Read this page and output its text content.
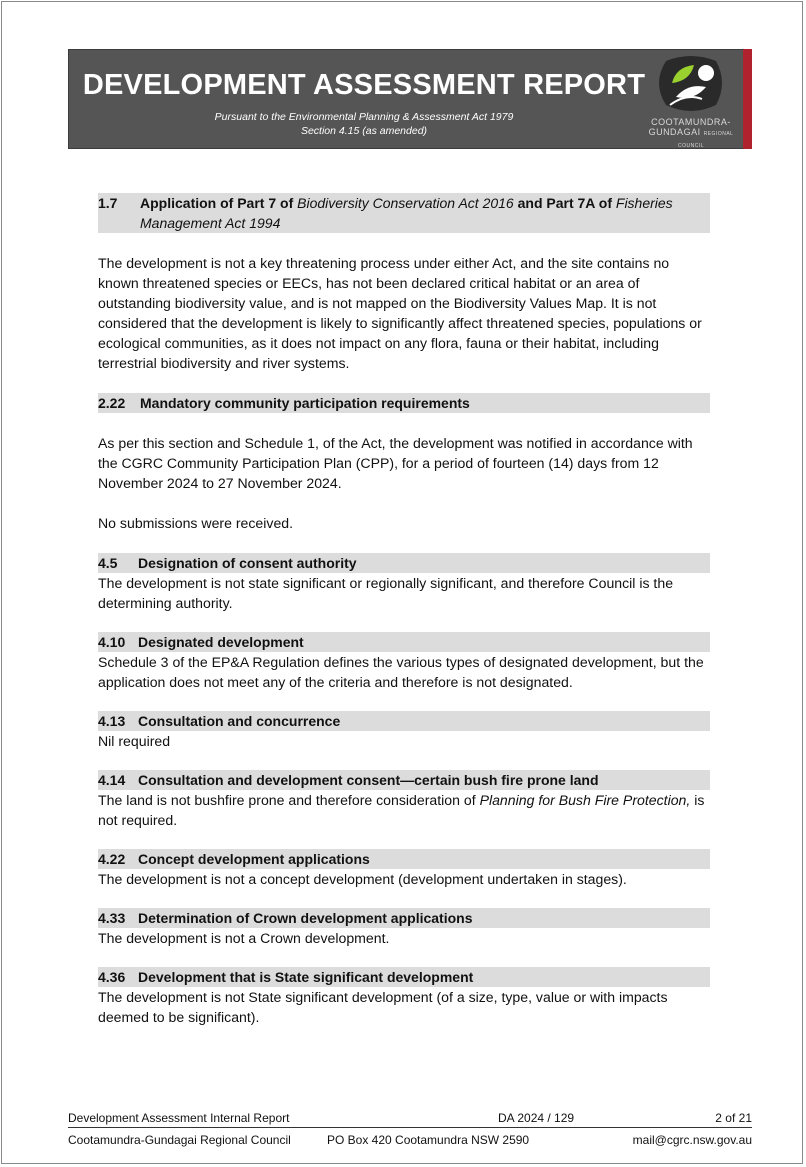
DEVELOPMENT ASSESSMENT REPORT
Pursuant to the Environmental Planning & Assessment Act 1979
Section 4.15 (as amended)
COOTAMUNDRA-
GUNDAGAI REGIONAL COUNCIL
1.7	Application of Part 7 of Biodiversity Conservation Act 2016 and Part 7A of Fisheries Management Act 1994

The development is not a key threatening process under either Act, and the site contains no known threatened species or EECs, has not been declared critical habitat or an area of outstanding biodiversity value, and is not mapped on the Biodiversity Values Map. It is not considered that the development is likely to significantly affect threatened species, populations or ecological communities, as it does not impact on any flora, fauna or their habitat, including terrestrial biodiversity and river systems.

2.22	Mandatory community participation requirements

As per this section and Schedule 1, of the Act, the development was notified in accordance with the CGRC Community Participation Plan (CPP), for a period of fourteen (14) days from 12 November 2024 to 27 November 2024.

No submissions were received.

4.5	Designation of consent authority

The development is not state significant or regionally significant, and therefore Council is the determining authority.

4.10 Designated development

Schedule 3 of the EP&A Regulation defines the various types of designated development, but the application does not meet any of the criteria and therefore is not designated.

4.13 Consultation and concurrence

Nil required

4.14 Consultation and development consent—certain bush fire prone land

The land is not bushfire prone and therefore consideration of Planning for Bush Fire Protection, is not required.

4.22 Concept development applications

The development is not a concept development (development undertaken in stages).

4.33 Determination of Crown development applications

The development is not a Crown development.

4.36 Development that is State significant development

The development is not State significant development (of a size, type, value or with impacts deemed to be significant).

Development Assessment Internal Report	DA 2024 / 129	2 of 21
Cootamundra-Gundagai Regional Council	PO Box 420 Cootamundra NSW 2590	mail@cgrc.nsw.gov.au
